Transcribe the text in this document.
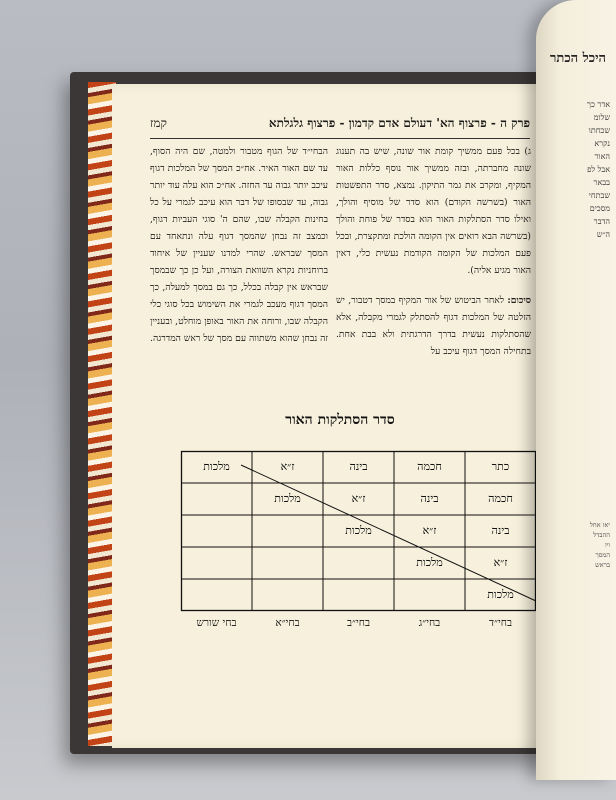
פרק ה - פרצוף הא' דעולם אדם קדמון - פרצוף גלגלתא
קמז

ג) בכל פעם ממשיך קומת אור שונה, שיש בה תענוג שונה מחברתה, ובזה ממשיך אור נוסף כללות האור המקיף, ומקרב את גמר התיקון. נמצא, סדר התפשטות האור (בשרשה הקודם) הוא סדר של מוסיף והולך, ואילו סדר הסתלקות האור הוא בסדר של פוחת והולך (בשרשה הבא רואים אין הקומה הולכת ומתקצרת, ובכל פעם המלכות של הקומה הקודמת נעשית כלי, דאין האור מגיע אליה).

סיכום: לאחר הביטוש של אור המקיף במסך דטבור, יש הזלטה של המלכות דגוף להסתלק לגמרי מקבלה, אלא שהסתלקות נעשית בדרך הדרגתית ולא בבת אחת. בתחילה המסך דגוף עיכב על

הבחי״ד של הגוף מטבור ולמטה, שם היה הסוף, עד שם האור האיר. אח״כ המסך של המלכות דגוף עיכב יותר גבוה עד החזה. אח״כ הוא עלה עוד יותר גבוה, עד שבסופו של דבר הוא עיכב לגמרי על כל בחינות הקבלה שבו, שהם ה' סוגי העביות דגוף, וכמצב זה נבחן שהמסך דגוף עלה ונתאחד עם המסך שבראש. שהרי למדנו שעניין של איחוד ברוחניות נקרא השוואת הצורה, ועל כן כך שבמסך שבראש אין קבלה בכלל, כך גם במסך למעלה, כך המסך דגוף מעכב לגמרי את השימוש בכל סוגי כלי הקבלה שבו, ורוחה את האור באופן מוחלט, ובעניין זה נבחן שהוא משתווה עם מסך של ראש המדרגה.

סדר הסתלקות האור
כתר
חכמה
בינה
ז״א
מלכות
חכמה
בינה
ז״א
מלכות
בינה
ז״א
מלכות
ז״א
מלכות
מלכות
בחי״ד
בחי״ג
בחי״ב
בחי״א
בחי שורש
היכל הכתר
אדר כך
שלומ
שכחתו
נקרא
האור
אבל לפ
בבאר
שבתחי
מסכים
הדבר
ה״ש
יאו אחל
ההבדל
ויו
המסך
בראש
